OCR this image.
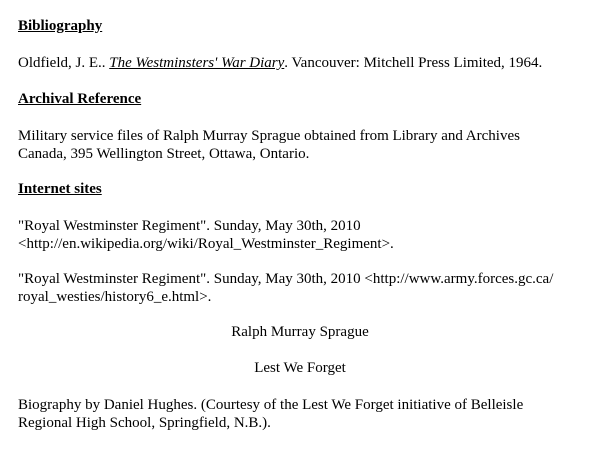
Bibliography
Oldfield, J. E.. The Westminsters' War Diary. Vancouver: Mitchell Press Limited, 1964.
Archival Reference
Military service files of Ralph Murray Sprague obtained from Library and Archives
Canada, 395 Wellington Street, Ottawa, Ontario.
Internet sites
"Royal Westminster Regiment". Sunday, May 30th, 2010
<http://en.wikipedia.org/wiki/Royal_Westminster_Regiment>.
"Royal Westminster Regiment". Sunday, May 30th, 2010 <http://www.army.forces.gc.ca/
royal_westies/history6_e.html>.
Ralph Murray Sprague
Lest We Forget
Biography by Daniel Hughes. (Courtesy of the Lest We Forget initiative of Belleisle
Regional High School, Springfield, N.B.).
